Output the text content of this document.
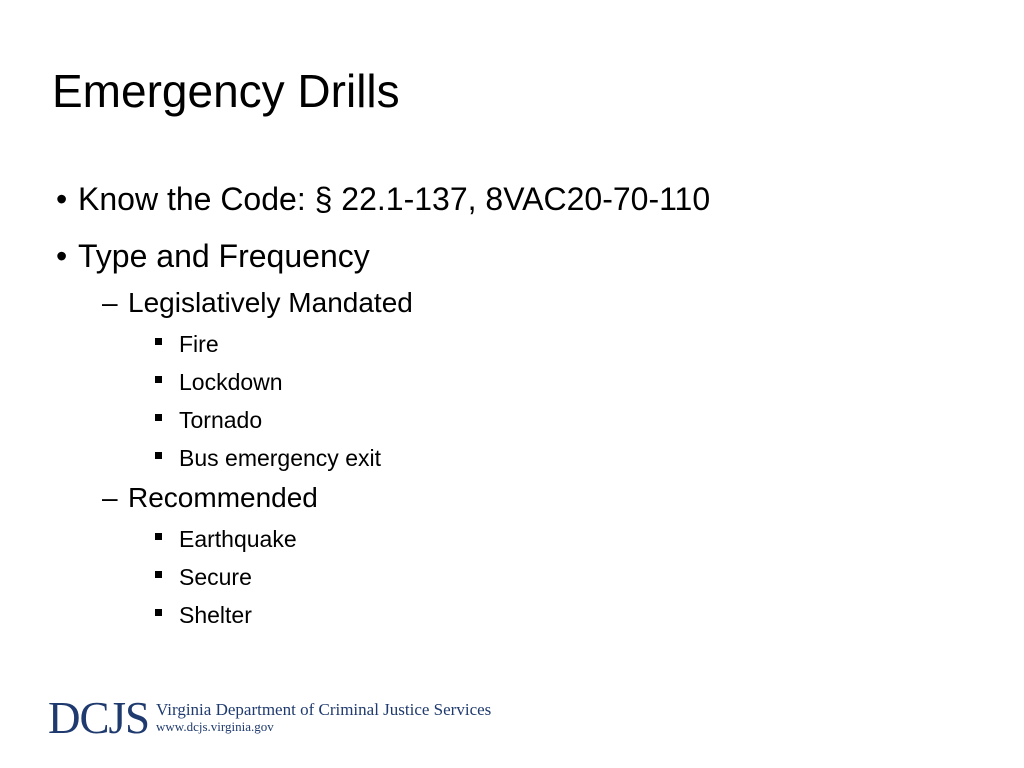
Emergency Drills
• Know the Code: § 22.1-137, 8VAC20-70-110
• Type and Frequency
– Legislatively Mandated
Fire
Lockdown
Tornado
Bus emergency exit
– Recommended
Earthquake
Secure
Shelter
DCJS Virginia Department of Criminal Justice Services
www.dcjs.virginia.gov
